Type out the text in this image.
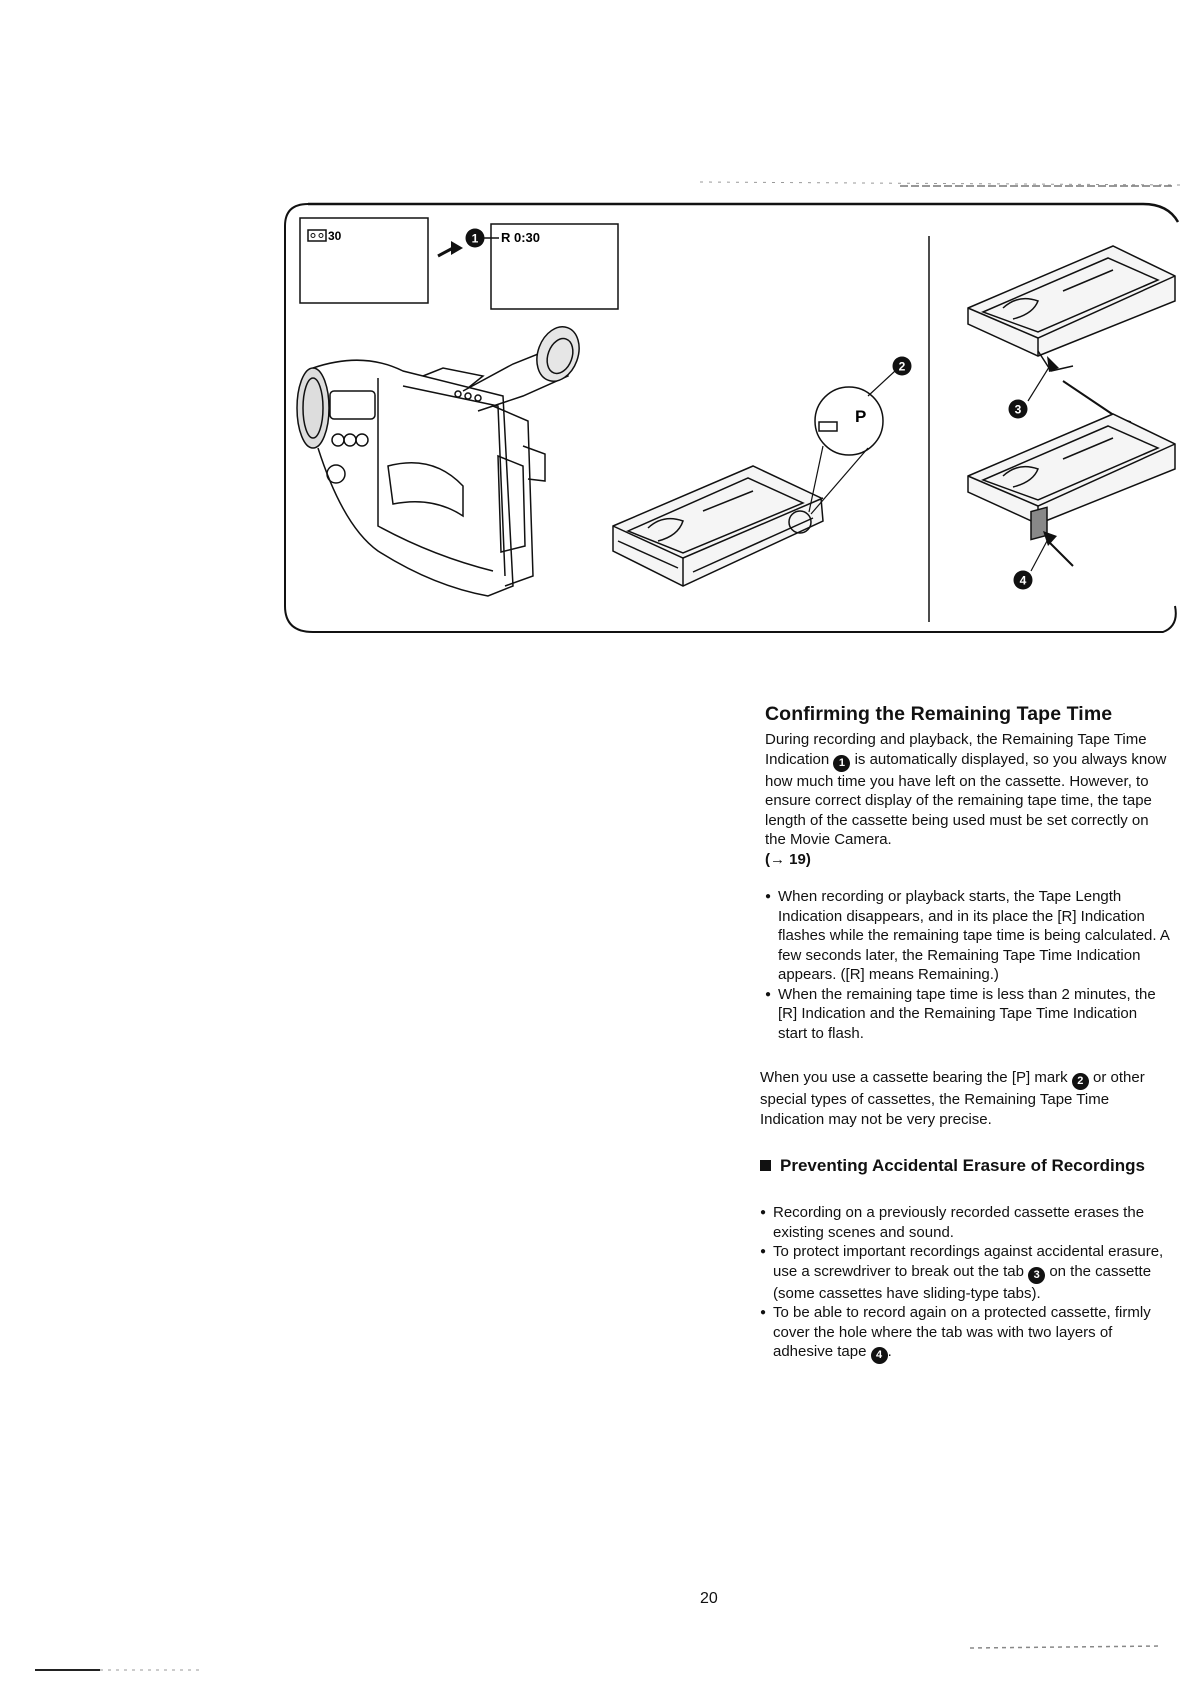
30	1 R 0:30
P
2
3
4
Confirming the Remaining Tape Time

During recording and playback, the Remaining Tape Time Indication 1 is automatically displayed, so you always know how much time you have left on the cassette. However, to ensure correct display of the remaining tape time, the tape length of the cassette being used must be set correctly on the Movie Camera.
(→ 19)

● When recording or playback starts, the Tape Length Indication disappears, and in its place the [R] Indication flashes while the remaining tape time is being calculated. A few seconds later, the Remaining Tape Time Indication appears. ([R] means Remaining.)
● When the remaining tape time is less than 2 minutes, the [R] Indication and the Remaining Tape Time Indication start to flash.

When you use a cassette bearing the [P] mark 2 or other special types of cassettes, the Remaining Tape Time Indication may not be very precise.

Preventing Accidental Erasure of Recordings
● Recording on a previously recorded cassette erases the existing scenes and sound.
● To protect important recordings against accidental erasure, use a screwdriver to break out the tab 3 on the cassette (some cassettes have sliding-type tabs).
● To be able to record again on a protected cassette, firmly cover the hole where the tab was with two layers of adhesive tape 4 .
20
